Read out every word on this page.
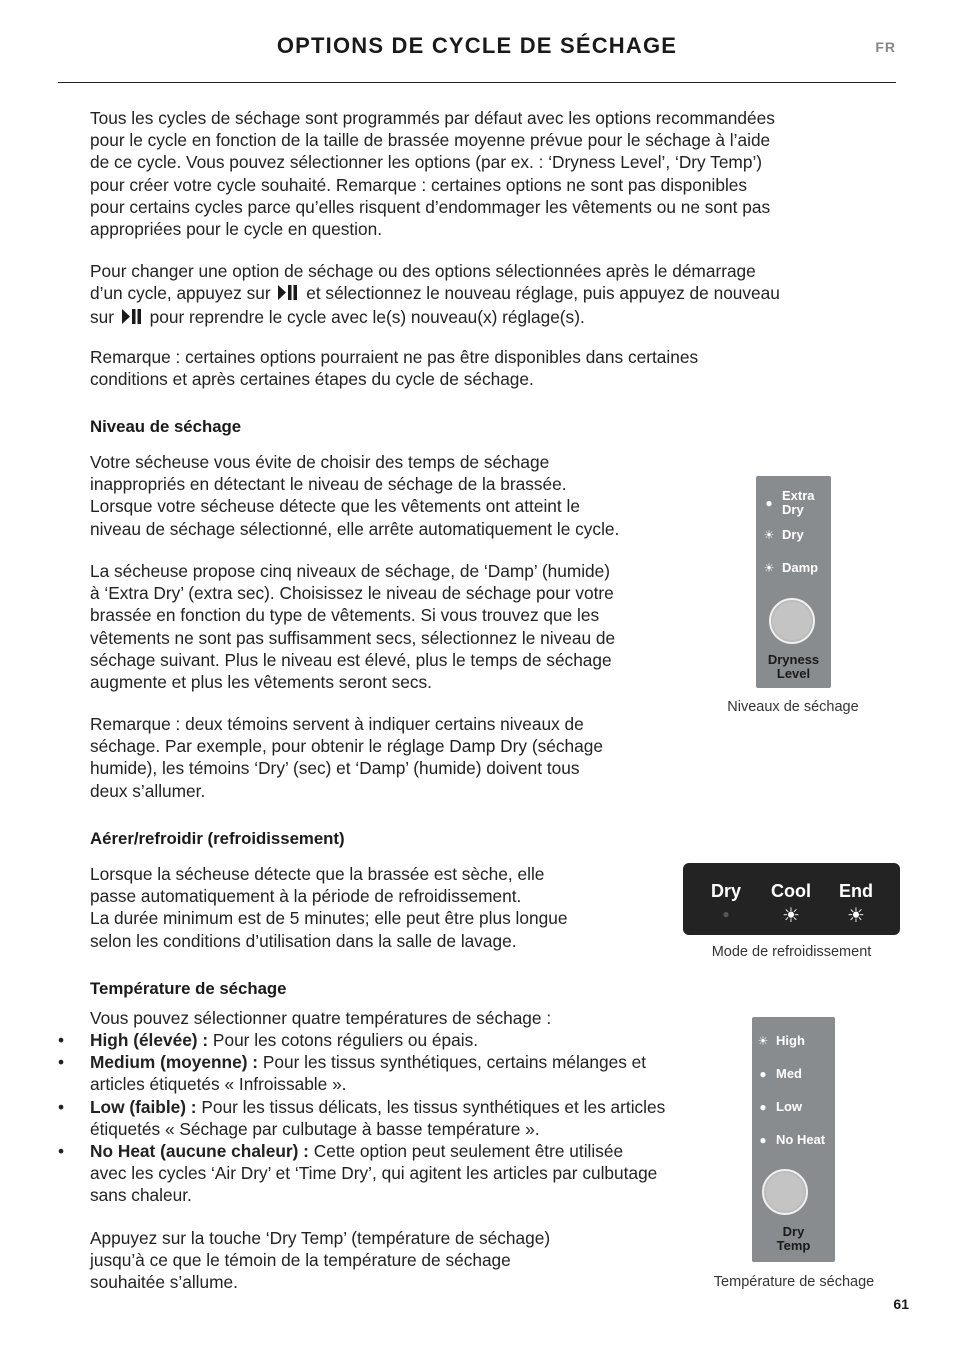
OPTIONS DE CYCLE DE SÉCHAGE	FR
Tous les cycles de séchage sont programmés par défaut avec les options recommandées
pour le cycle en fonction de la taille de brassée moyenne prévue pour le séchage à l’aide
de ce cycle. Vous pouvez sélectionner les options (par ex. : ‘Dryness Level’, ‘Dry Temp’)
pour créer votre cycle souhaité. Remarque : certaines options ne sont pas disponibles
pour certains cycles parce qu’elles risquent d’endommager les vêtements ou ne sont pas
appropriées pour le cycle en question.
Pour changer une option de séchage ou des options sélectionnées après le démarrage
d’un cycle, appuyez sur et sélectionnez le nouveau réglage, puis appuyez de nouveau
sur pour reprendre le cycle avec le(s) nouveau(x) réglage(s).
Remarque : certaines options pourraient ne pas être disponibles dans certaines
conditions et après certaines étapes du cycle de séchage.
Niveau de séchage
Votre sécheuse vous évite de choisir des temps de séchage
inappropriés en détectant le niveau de séchage de la brassée.
Lorsque votre sécheuse détecte que les vêtements ont atteint le
niveau de séchage sélectionné, elle arrête automatiquement le cycle.
La sécheuse propose cinq niveaux de séchage, de ‘Damp’ (humide)
à ‘Extra Dry’ (extra sec). Choisissez le niveau de séchage pour votre
brassée en fonction du type de vêtements. Si vous trouvez que les
vêtements ne sont pas suffisamment secs, sélectionnez le niveau de
séchage suivant. Plus le niveau est élevé, plus le temps de séchage
augmente et plus les vêtements seront secs.
Remarque : deux témoins servent à indiquer certains niveaux de
séchage. Par exemple, pour obtenir le réglage Damp Dry (séchage
humide), les témoins ‘Dry’ (sec) et ‘Damp’ (humide) doivent tous
deux s’allumer.
● Extra
Dry
☀ Dry
☀ Damp
Dryness
Level
Niveaux de séchage
Aérer/refroidir (refroidissement)
Lorsque la sécheuse détecte que la brassée est sèche, elle
passe automatiquement à la période de refroidissement.
La durée minimum est de 5 minutes; elle peut être plus longue
selon les conditions d’utilisation dans la salle de lavage.
Dry	Cool	End
●	☀	☀
Mode de refroidissement
Température de séchage
Vous pouvez sélectionner quatre températures de séchage :
• High (élevée) : Pour les cotons réguliers ou épais.
• Medium (moyenne) : Pour les tissus synthétiques, certains mélanges et articles étiquetés « Infroissable ».
• Low (faible) : Pour les tissus délicats, les tissus synthétiques et les articles étiquetés « Séchage par culbutage à basse température ».
• No Heat (aucune chaleur) : Cette option peut seulement être utilisée avec les cycles ‘Air Dry’ et ‘Time Dry’, qui agitent les articles par culbutage sans chaleur.
Appuyez sur la touche ‘Dry Temp’ (température de séchage)
jusqu’à ce que le témoin de la température de séchage
souhaitée s’allume.
☀ High
● Med
● Low
● No Heat
Dry
Temp
Température de séchage
61
